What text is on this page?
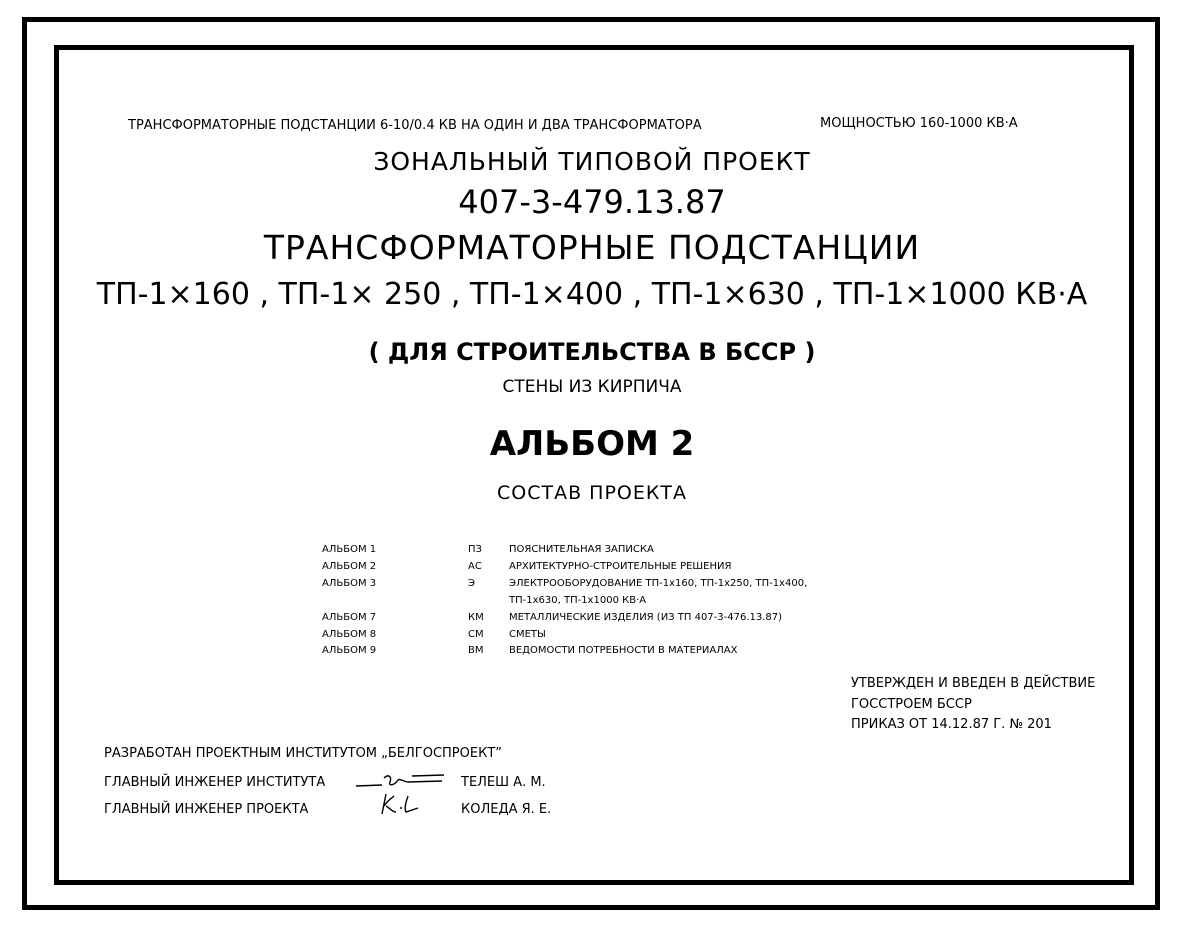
ТРАНСФОРМАТОРНЫЕ ПОДСТАНЦИИ 6-10/0.4 КВ НА ОДИН И ДВА ТРАНСФОРМАТОРА	МОЩНОСТЬЮ 160-1000 КВ·А
ЗОНАЛЬНЫЙ ТИПОВОЙ ПРОЕКТ
407-3-479.13.87
ТРАНСФОРМАТОРНЫЕ ПОДСТАНЦИИ
ТП-1×160 , ТП-1× 250 , ТП-1×400 , ТП-1×630 , ТП-1×1000 КВ·А
( ДЛЯ СТРОИТЕЛЬСТВА В БССР )
СТЕНЫ ИЗ КИРПИЧА
АЛЬБОМ 2
СОСТАВ ПРОЕКТА
АЛЬБОМ 1	ПЗ	ПОЯСНИТЕЛЬНАЯ ЗАПИСКА
АЛЬБОМ 2	АС	АРХИТЕКТУРНО-СТРОИТЕЛЬНЫЕ РЕШЕНИЯ
АЛЬБОМ 3	Э	ЭЛЕКТРООБОРУДОВАНИЕ ТП-1х160, ТП-1х250, ТП-1х400,
ТП-1х630, ТП-1х1000 КВ·А
АЛЬБОМ 7	КМ	МЕТАЛЛИЧЕСКИЕ ИЗДЕЛИЯ (ИЗ ТП 407-3-476.13.87)
АЛЬБОМ 8	СМ	СМЕТЫ
АЛЬБОМ 9	ВМ	ВЕДОМОСТИ ПОТРЕБНОСТИ В МАТЕРИАЛАХ
УТВЕРЖДЕН И ВВЕДЕН В ДЕЙСТВИЕ
ГОССТРОЕМ БССР
ПРИКАЗ ОТ 14.12.87 Г. № 201
РАЗРАБОТАН ПРОЕКТНЫМ ИНСТИТУТОМ „БЕЛГОСПРОЕКТ”
ГЛАВНЫЙ ИНЖЕНЕР ИНСТИТУТА	ТЕЛЕШ А. М.
ГЛАВНЫЙ ИНЖЕНЕР ПРОЕКТА	КОЛЕДА Я. Е.
